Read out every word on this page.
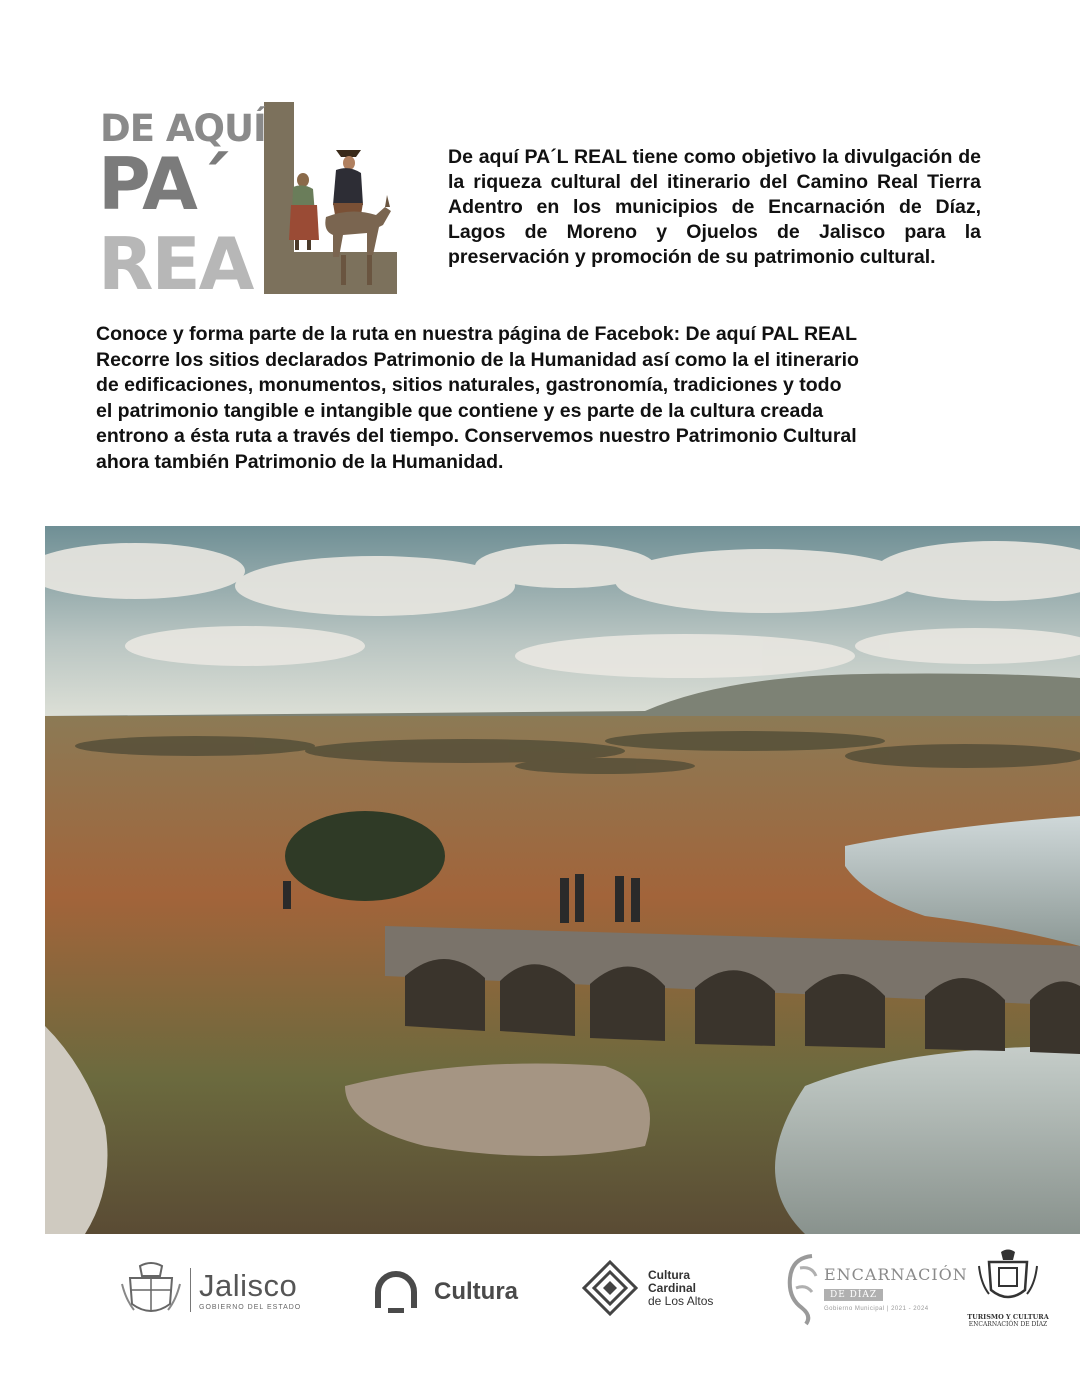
DE AQUÍ

PA´

REA

De aquí PA´L REAL tiene como objetivo la divulgación de la riqueza cultural del itinerario del Camino Real Tierra Adentro en los municipios de Encarnación de Díaz, Lagos de Moreno y Ojuelos de Jalisco para la preservación y promoción de su patrimonio cultural.

Conoce y forma parte de la ruta en nuestra página de Facebok: De aquí PAL REAL
Recorre los sitios declarados Patrimonio de la Humanidad así como la el itinerario
de edificaciones, monumentos, sitios naturales, gastronomía, tradiciones y todo
el patrimonio tangible e intangible que contiene y es parte de la cultura creada
entrono a ésta ruta a través del tiempo. Conservemos nuestro Patrimonio Cultural
ahora también Patrimonio de la Humanidad.

Jalisco
GOBIERNO DEL ESTADO
Cultura
Cultura
Cardinal
de Los Altos
ENCARNACIÓN
DE DÍAZ
Gobierno Municipal | 2021 - 2024
TURISMO Y CULTURA
ENCARNACIÓN DE DÍAZ
